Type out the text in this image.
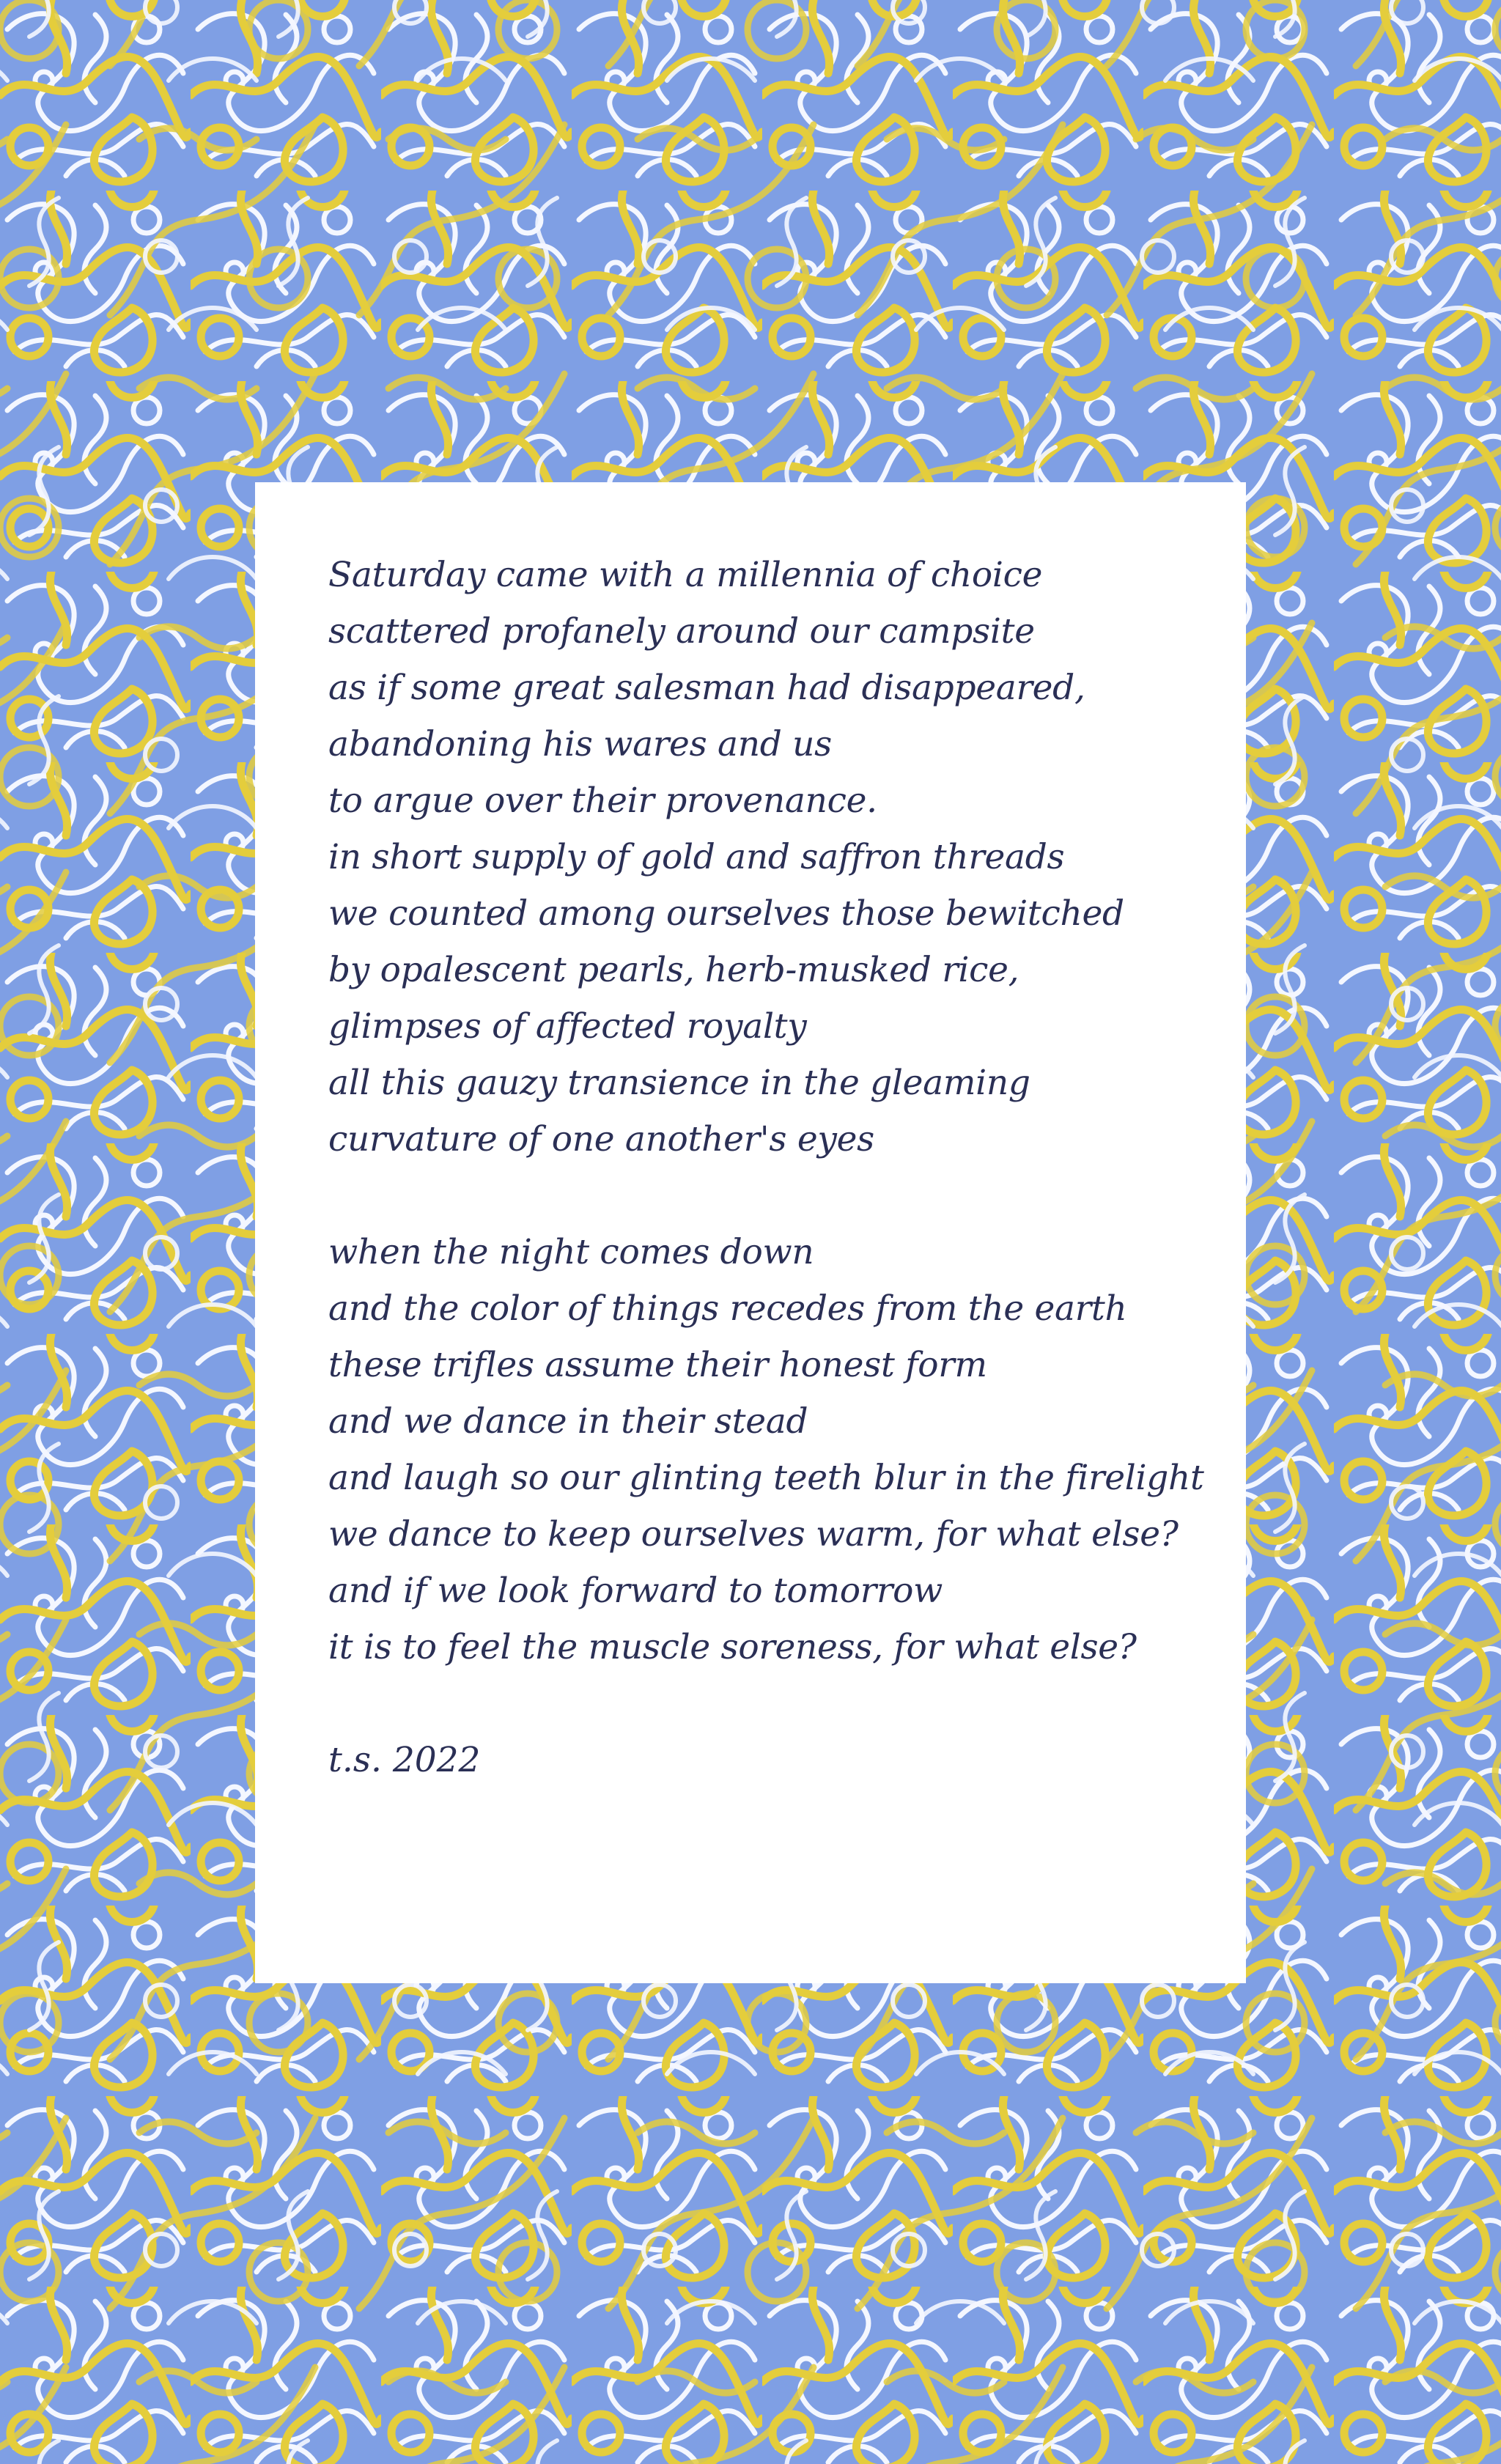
Saturday came with a millennia of choice
scattered profanely around our campsite
as if some great salesman had disappeared,
abandoning his wares and us
to argue over their provenance.
in short supply of gold and saffron threads
we counted among ourselves those bewitched
by opalescent pearls, herb-musked rice,
glimpses of affected royalty
all this gauzy transience in the gleaming
curvature of one another's eyes
when the night comes down
and the color of things recedes from the earth
these trifles assume their honest form
and we dance in their stead
and laugh so our glinting teeth blur in the firelight
we dance to keep ourselves warm, for what else?
and if we look forward to tomorrow
it is to feel the muscle soreness, for what else?

t.s. 2022
